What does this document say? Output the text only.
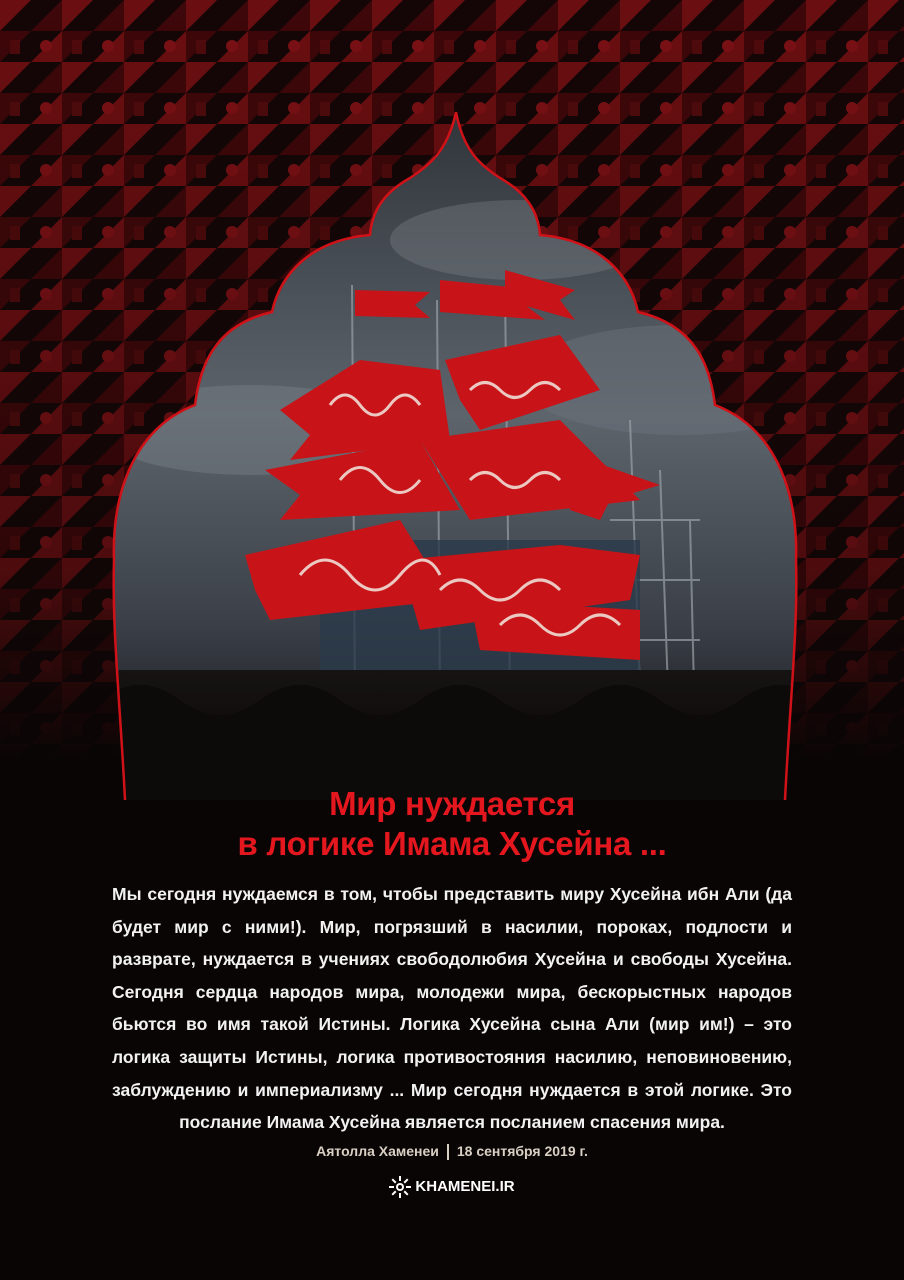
Мир нуждается
в логике Имама Хусейна ...
Мы сегодня нуждаемся в том, чтобы представить миру Хусейна ибн Али (да будет мир с ними!). Мир, погрязший в насилии, пороках, подлости и разврате, нуждается в учениях свободолюбия Хусейна и свободы Хусейна. Сегодня сердца народов мира, молодежи мира, бескорыстных народов бьются во имя такой Истины. Логика Хусейна сына Али (мир им!) – это логика защиты Истины, логика противостояния насилию, неповиновению, заблуждению и империализму ... Мир сегодня нуждается в этой логике. Это послание Имама Хусейна является посланием спасения мира.
Аятолла Хаменеи 18 сентября 2019 г.
KHAMENEI.IR
